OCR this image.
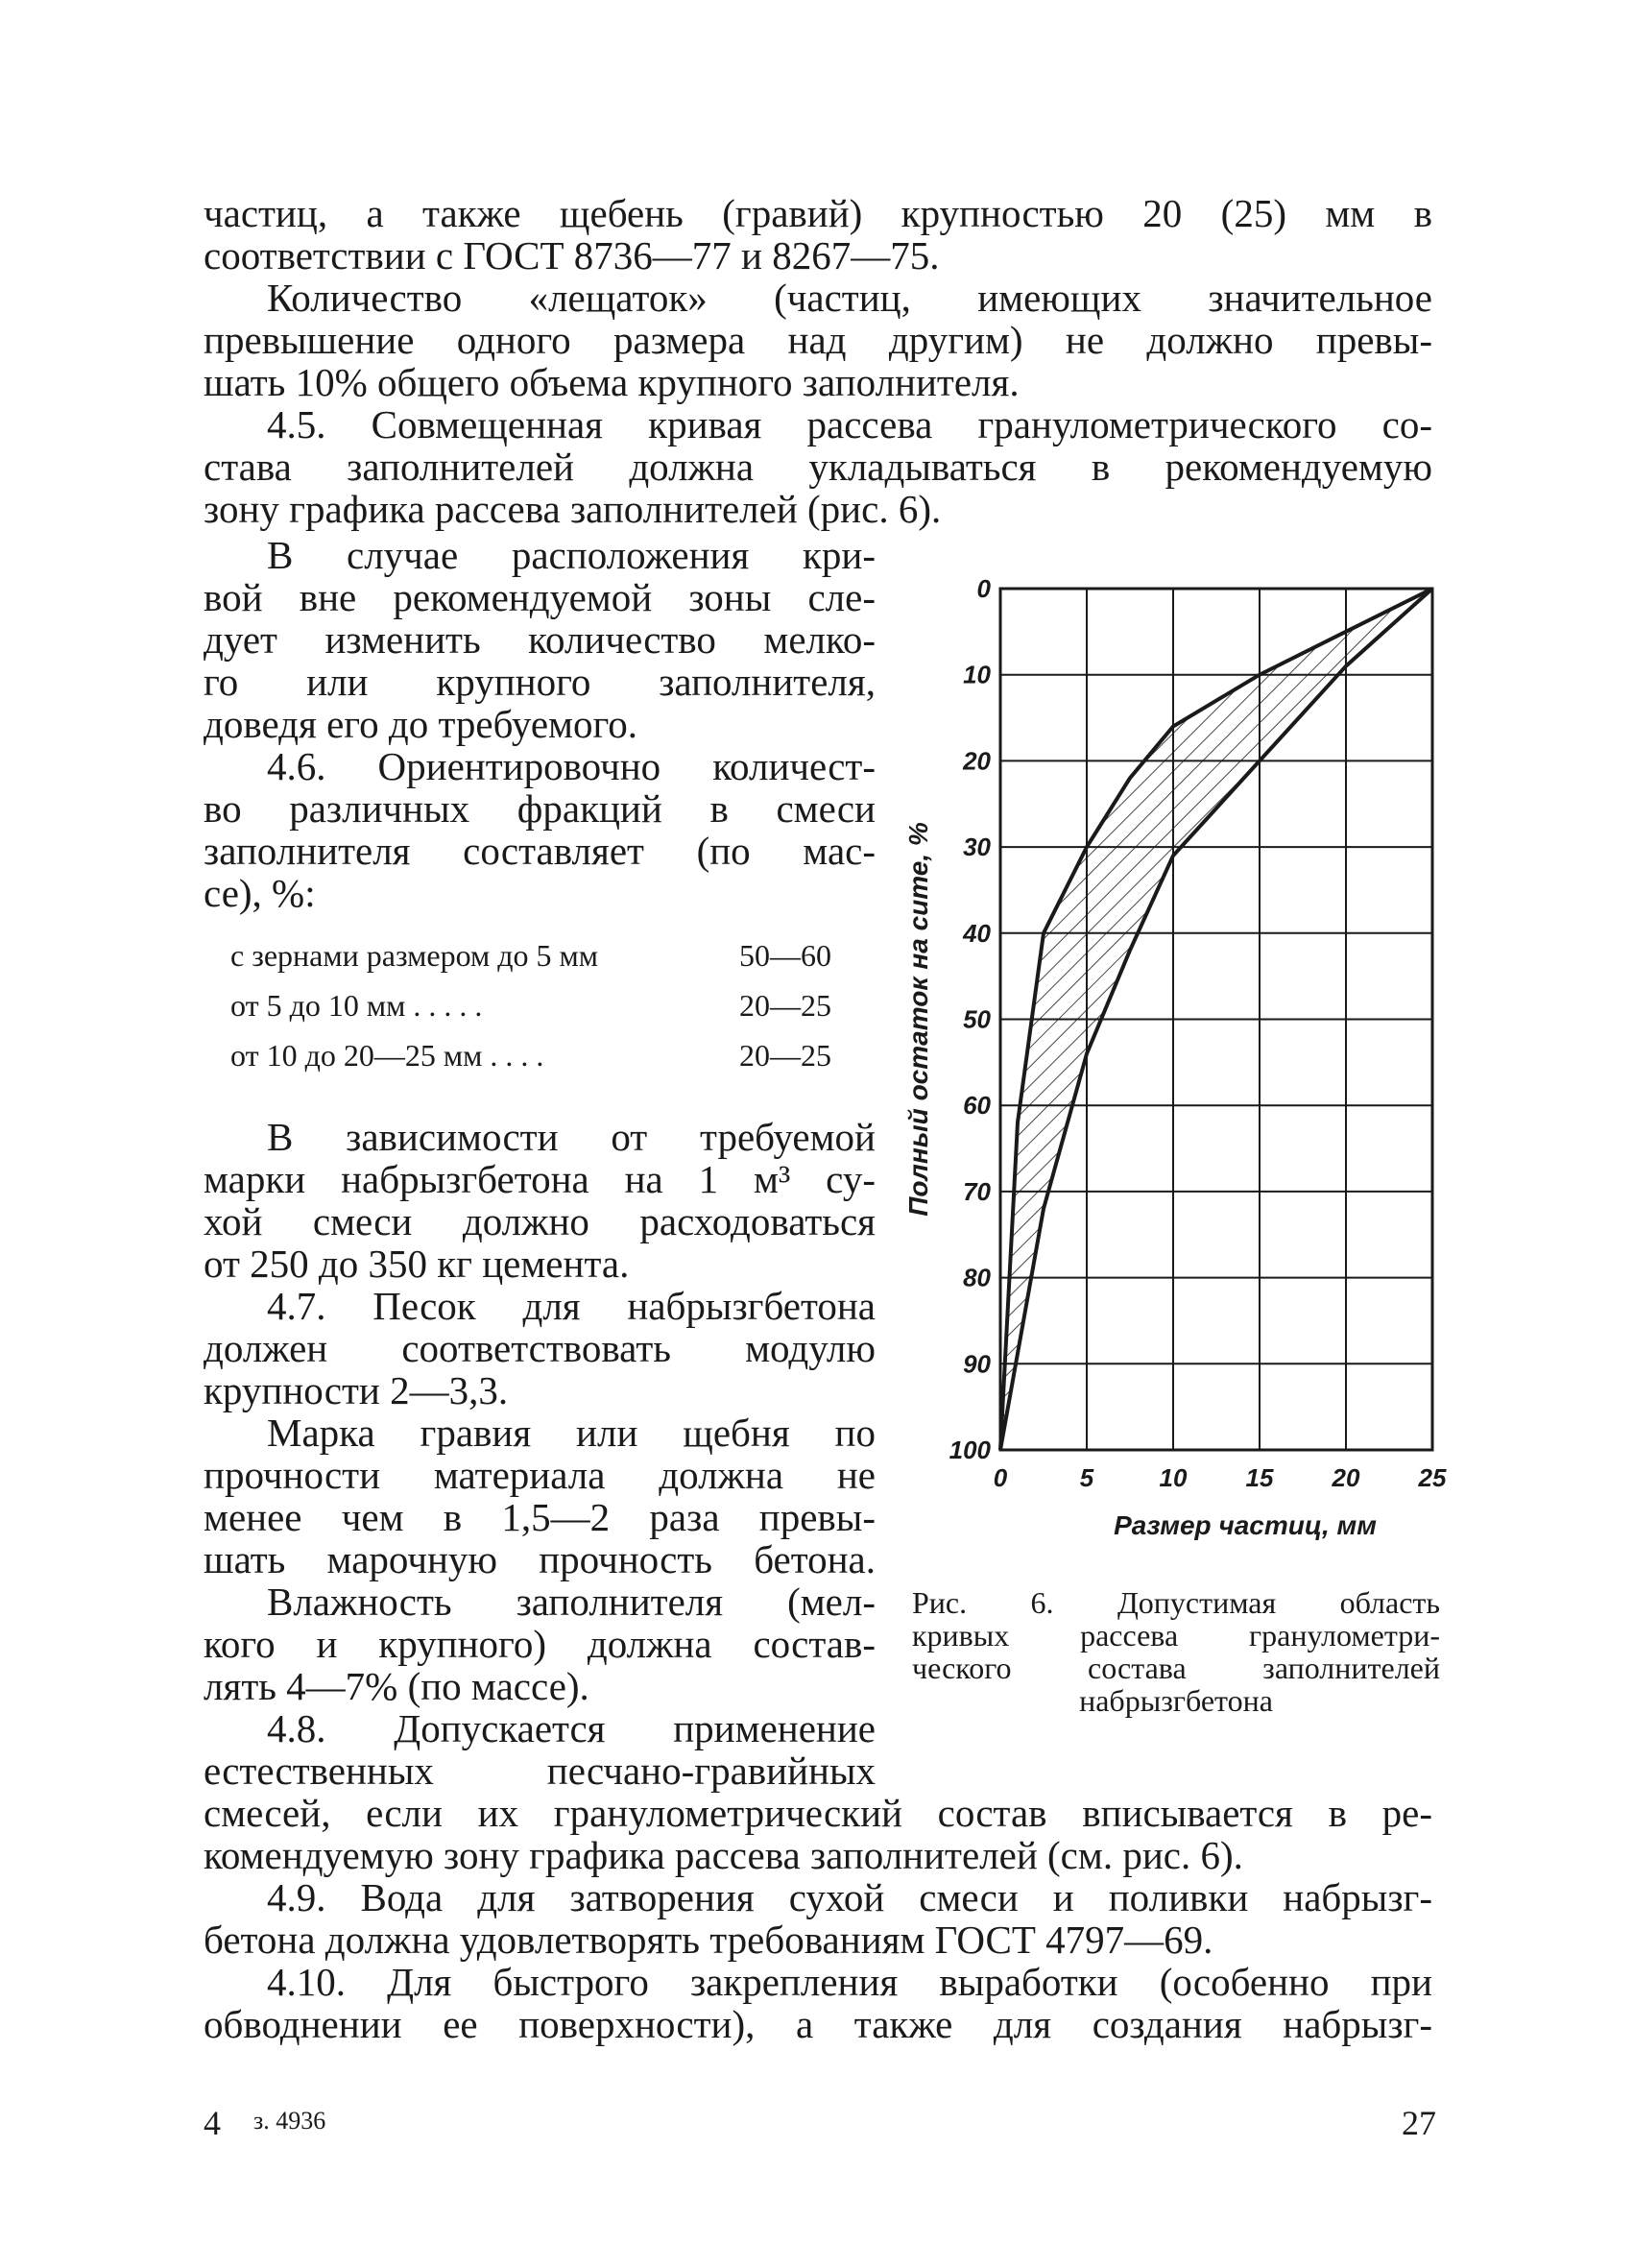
частиц, а также щебень (гравий) крупностью 20 (25) мм в
соответствии с ГОСТ 8736—77 и 8267—75.
Количество «лещаток» (частиц, имеющих значительное
превышение одного размера над другим) не должно превы-
шать 10% общего объема крупного заполнителя.
4.5. Совмещенная кривая рассева гранулометрического со-
става заполнителей должна укладываться в рекомендуемую
зону графика рассева заполнителей (рис. 6).
В случае расположения кри-
вой вне рекомендуемой зоны сле-
дует изменить количество мелко-
го или крупного заполнителя,
доведя его до требуемого.
4.6. Ориентировочно количест-
во различных фракций в смеси
заполнителя составляет (по мас-
се), %:
с зернами размером до 5 мм	50—60
от 5 до 10 мм . . . . .	20—25
от 10 до 20—25 мм . . . .	20—25
В зависимости от требуемой
марки набрызгбетона на 1 м³ су-
хой смеси должно расходоваться
от 250 до 350 кг цемента.
4.7. Песок для набрызгбетона
должен соответствовать модулю
крупности 2—3,3.
Марка гравия или щебня по
прочности материала должна не
менее чем в 1,5—2 раза превы-
шать марочную прочность бетона.
Влажность заполнителя (мел-
кого и крупного) должна состав-
лять 4—7% (по массе).
4.8. Допускается применение
естественных песчано-гравийных
смесей, если их гранулометрический состав вписывается в ре-
комендуемую зону графика рассева заполнителей (см. рис. 6).
4.9. Вода для затворения сухой смеси и поливки набрызг-
бетона должна удовлетворять требованиям ГОСТ 4797—69.
4.10. Для быстрого закрепления выработки (особенно при
обводнении ее поверхности), а также для создания набрызг-
0	5	10 15 20 25
0
10
20
30
40
50
60
70
80
90
100
Полный остаток на сите, %
Размер частиц, мм
Рис. 6. Допустимая область
кривых рассева гранулометри-
ческого состава заполнителей
набрызгбетона
4 з. 4936	27
